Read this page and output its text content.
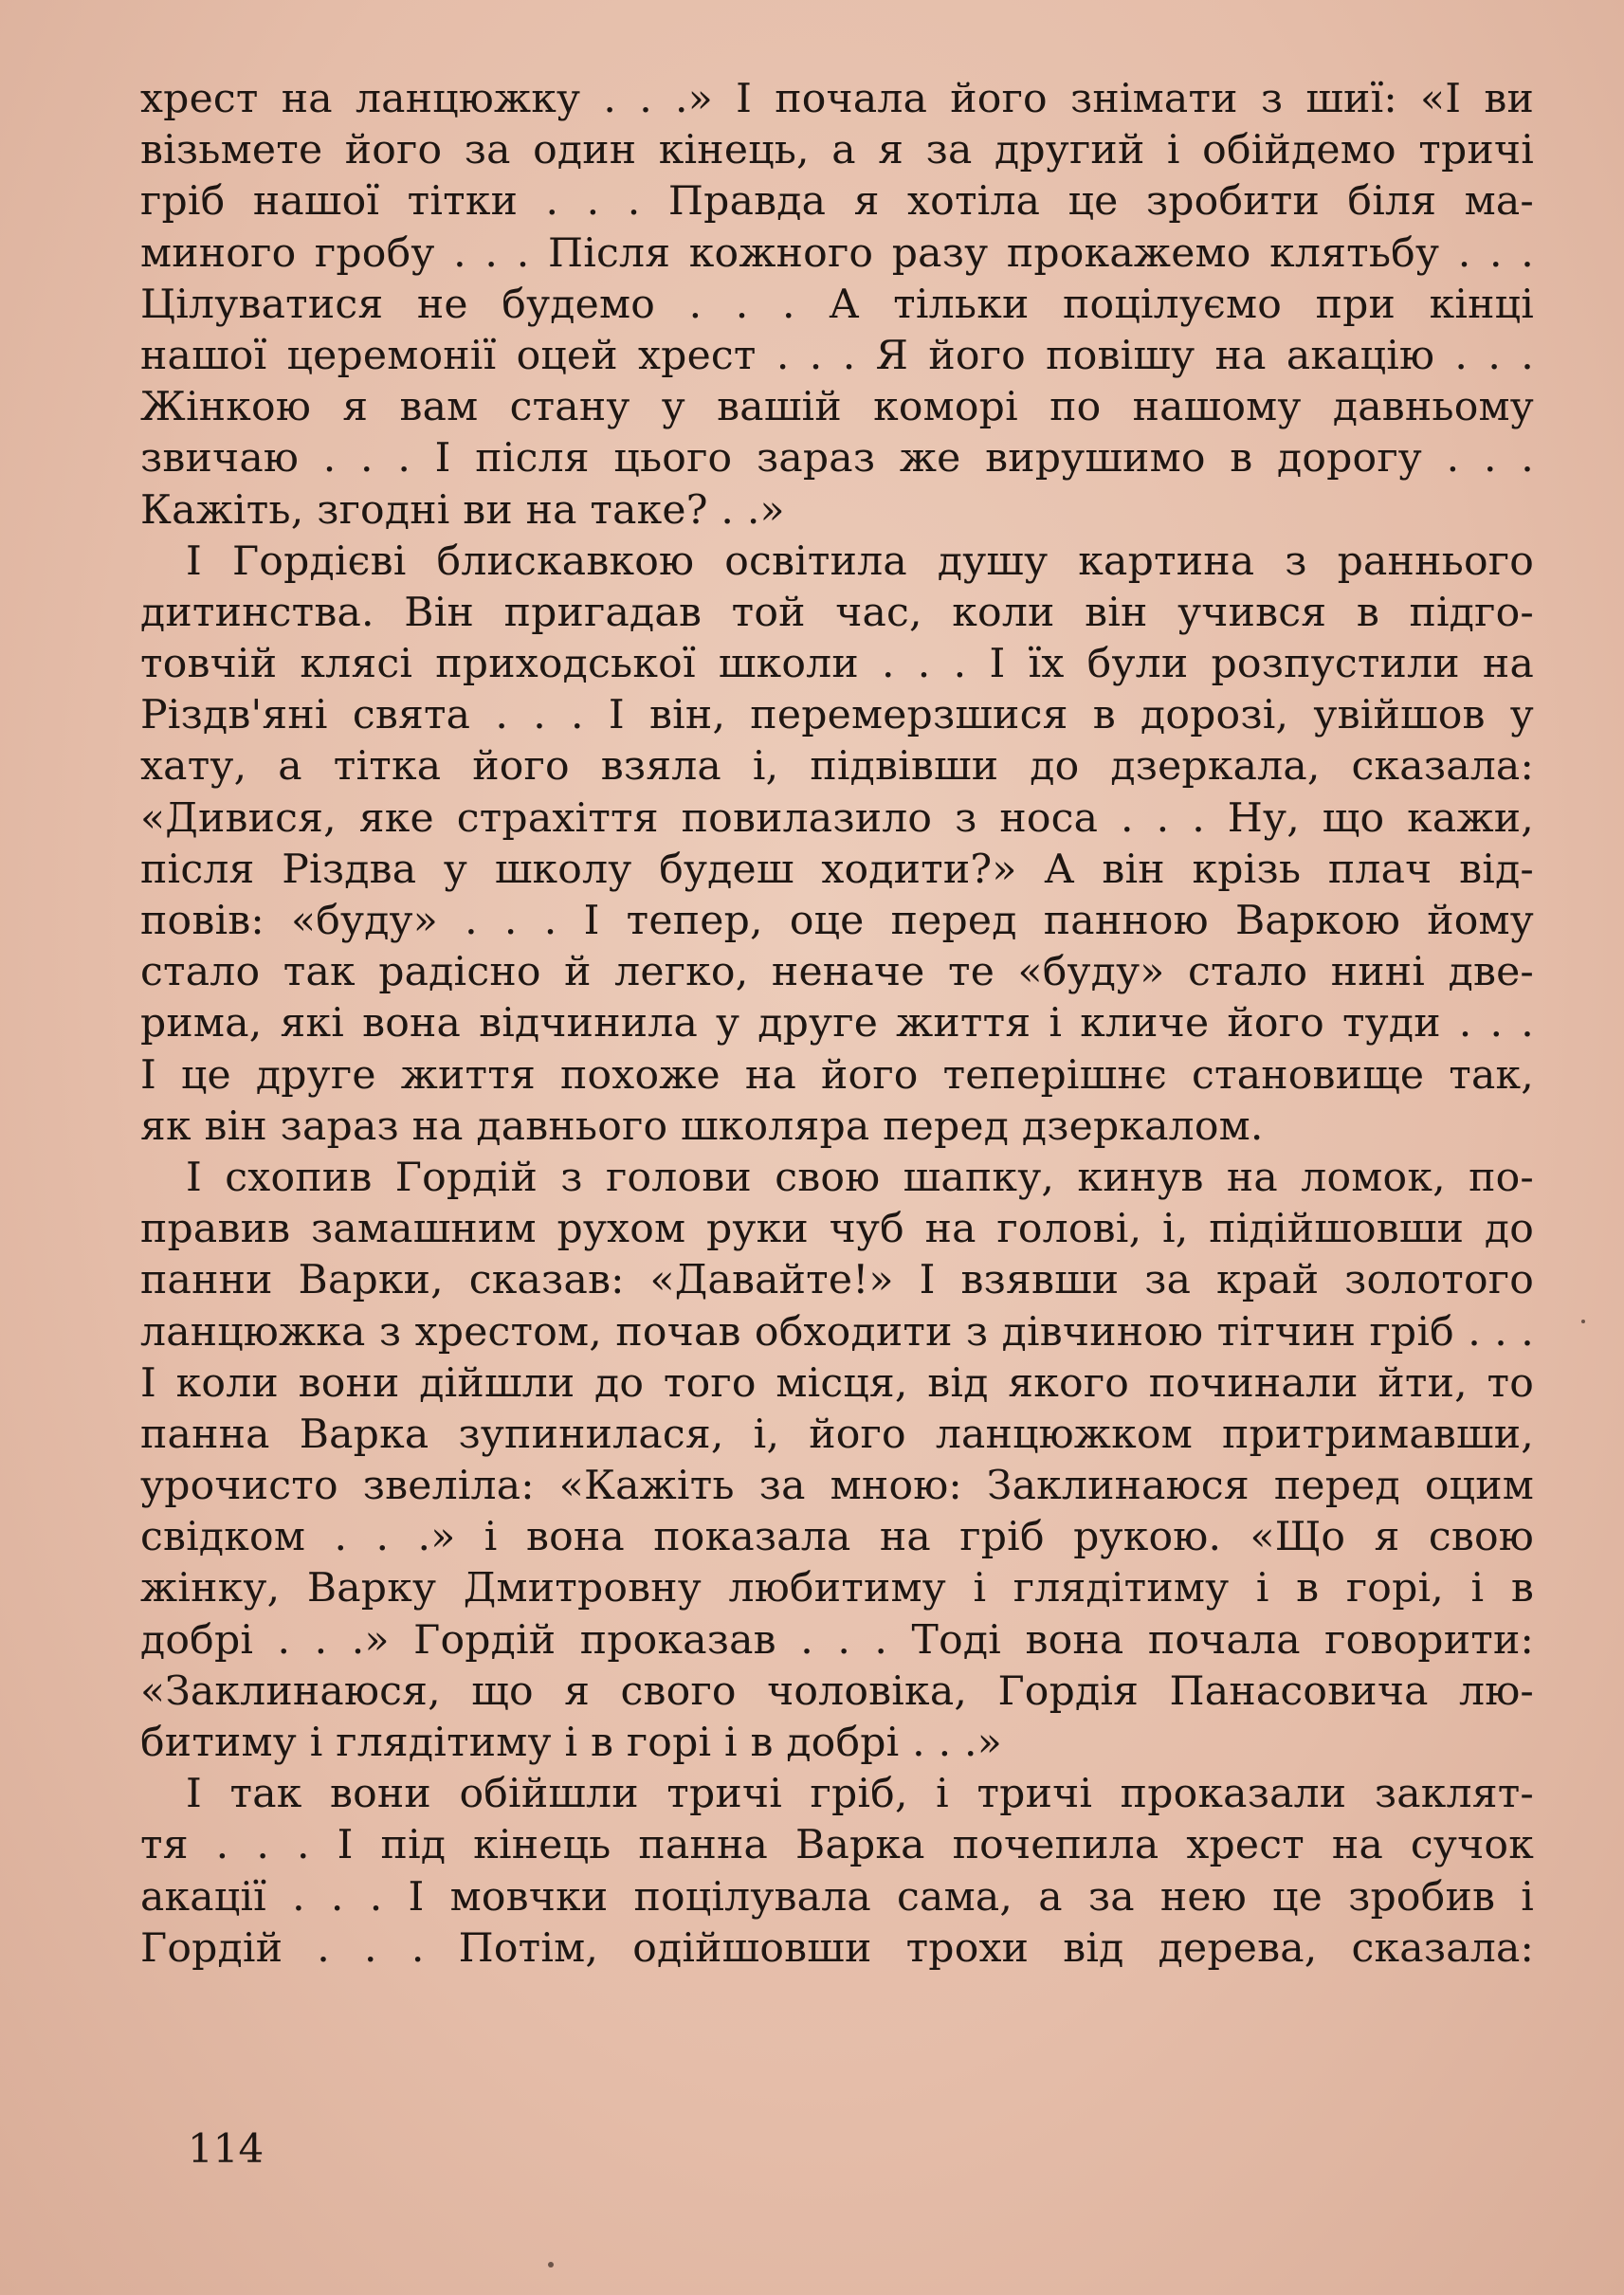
хрест на ланцюжку . . .» І почала його знімати з шиї: «І ви
візьмете його за один кінець, а я за другий і обійдемо тричі
гріб нашої тітки . . . Правда я хотіла це зробити біля ма-
миного гробу . . . Після кожного разу прокажемо клятьбу . . .
Цілуватися не будемо . . . А тільки поцілуємо при кінці
нашої церемонії оцей хрест . . . Я його повішу на акацію . . .
Жінкою я вам стану у вашій коморі по нашому давньому
звичаю . . . І після цього зараз же вирушимо в дорогу . . .
Кажіть, згодні ви на таке? . .»
І Гордієві блискавкою освітила душу картина з раннього
дитинства. Він пригадав той час, коли він учився в підго-
товчій клясі приходської школи . . . І їх були розпустили на
Різдв'яні свята . . . І він, перемерзшися в дорозі, увійшов у
хату, а тітка його взяла і, підвівши до дзеркала, сказала:
«Дивися, яке страхіття повилазило з носа . . . Ну, що кажи,
після Різдва у школу будеш ходити?» А він крізь плач від-
повів: «буду» . . . І тепер, оце перед панною Варкою йому
стало так радісно й легко, неначе те «буду» стало нині две-
рима, які вона відчинила у друге життя і кличе його туди . . .
І це друге життя похоже на його теперішнє становище так,
як він зараз на давнього школяра перед дзеркалом.
І схопив Гордій з голови свою шапку, кинув на ломок, по-
правив замашним рухом руки чуб на голові, і, підійшовши до
панни Варки, сказав: «Давайте!» І взявши за край золотого
ланцюжка з хрестом, почав обходити з дівчиною тітчин гріб . . .
І коли вони дійшли до того місця, від якого починали йти, то
панна Варка зупинилася, і, його ланцюжком притримавши,
урочисто звеліла: «Кажіть за мною: Заклинаюся перед оцим
свідком . . .» і вона показала на гріб рукою. «Що я свою
жінку, Варку Дмитровну любитиму і глядітиму і в горі, і в
добрі . . .» Гордій проказав . . . Тоді вона почала говорити:
«Заклинаюся, що я свого чоловіка, Гордія Панасовича лю-
битиму і глядітиму і в горі і в добрі . . .»
І так вони обійшли тричі гріб, і тричі проказали заклят-
тя . . . І під кінець панна Варка почепила хрест на сучок
акації . . . І мовчки поцілувала сама, а за нею це зробив і
Гордій . . . Потім, одійшовши трохи від дерева, сказала:
114
